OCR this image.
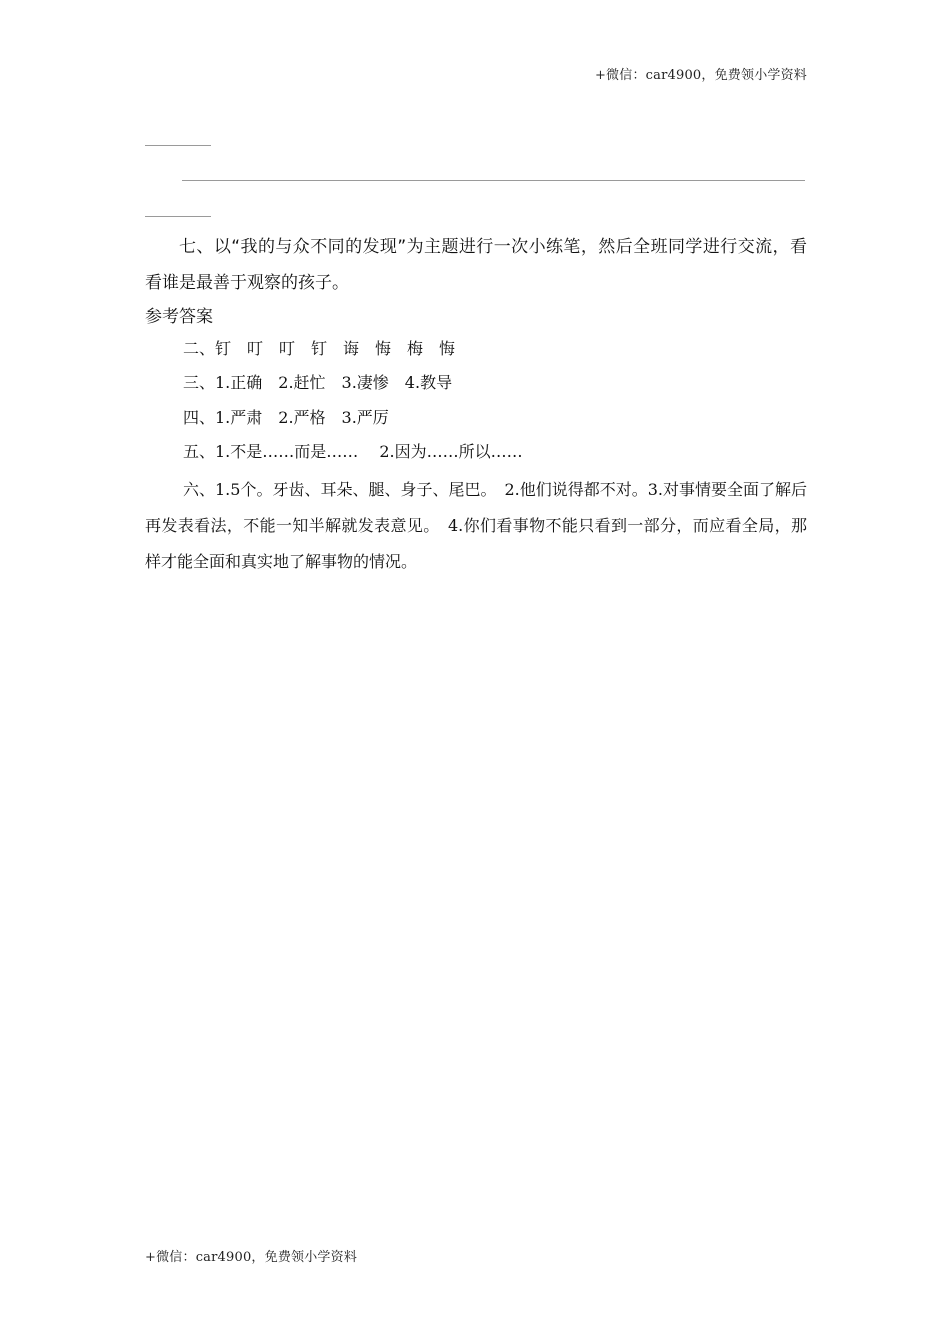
+微信：car4900，免费领小学资料
七、以“我的与众不同的发现”为主题进行一次小练笔，然后全班同学进行交流，看看谁是最善于观察的孩子。
参考答案
二、钉　叮　叮　钉　诲　悔　梅　悔
三、1.正确　2.赶忙　3.凄惨　4.教导
四、1.严肃　2.严格　3.严厉
五、1.不是……而是……　 2.因为……所以……
六、1.5个。牙齿、耳朵、腿、身子、尾巴。　2.他们说得都不对。3.对事情要全面了解后再发表看法，不能一知半解就发表意见。　4.你们看事物不能只看到一部分，而应看全局，那样才能全面和真实地了解事物的情况。
+微信：car4900，免费领小学资料
